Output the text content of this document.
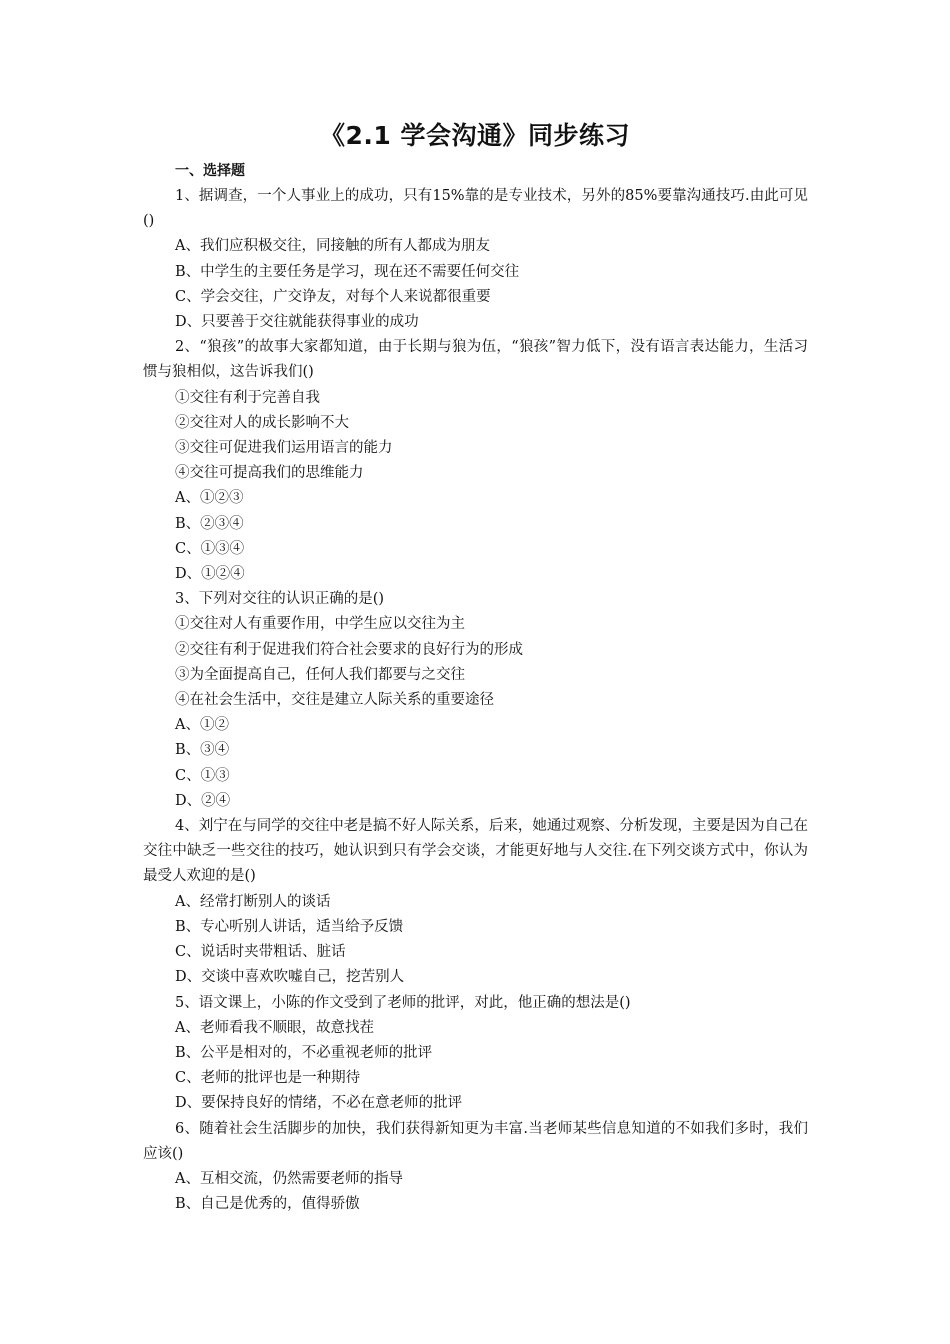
《2.1 学会沟通》同步练习
一、选择题

1、据调查，一个人事业上的成功，只有15%靠的是专业技术，另外的85%要靠沟通技巧.由此可见()

A、我们应积极交往，同接触的所有人都成为朋友

B、中学生的主要任务是学习，现在还不需要任何交往

C、学会交往，广交诤友，对每个人来说都很重要

D、只要善于交往就能获得事业的成功

2、“狼孩”的故事大家都知道，由于长期与狼为伍，“狼孩”智力低下，没有语言表达能力，生活习惯与狼相似，这告诉我们()

①交往有利于完善自我

②交往对人的成长影响不大

③交往可促进我们运用语言的能力

④交往可提高我们的思维能力

A、①②③

B、②③④

C、①③④

D、①②④

3、下列对交往的认识正确的是()

①交往对人有重要作用，中学生应以交往为主

②交往有利于促进我们符合社会要求的良好行为的形成

③为全面提高自己，任何人我们都要与之交往

④在社会生活中，交往是建立人际关系的重要途径

A、①②

B、③④

C、①③

D、②④

4、刘宁在与同学的交往中老是搞不好人际关系，后来，她通过观察、分析发现，主要是因为自己在交往中缺乏一些交往的技巧，她认识到只有学会交谈，才能更好地与人交往.在下列交谈方式中，你认为最受人欢迎的是()

A、经常打断别人的谈话

B、专心听别人讲话，适当给予反馈

C、说话时夹带粗话、脏话

D、交谈中喜欢吹嘘自己，挖苦别人

5、语文课上，小陈的作文受到了老师的批评，对此，他正确的想法是()

A、老师看我不顺眼，故意找茬

B、公平是相对的，不必重视老师的批评

C、老师的批评也是一种期待

D、要保持良好的情绪，不必在意老师的批评

6、随着社会生活脚步的加快，我们获得新知更为丰富.当老师某些信息知道的不如我们多时，我们应该()

A、互相交流，仍然需要老师的指导

B、自己是优秀的，值得骄傲
